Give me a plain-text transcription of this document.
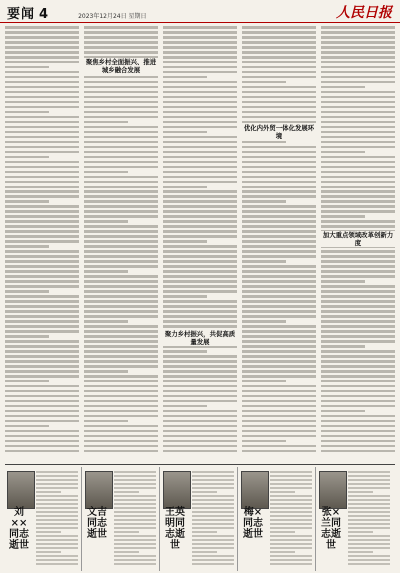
要闻 4	2023年12月24日 星期日	人民日报
聚焦乡村全面振兴、推进城乡融合发展
优化内外贸一体化发展环境
加大重点领域改革创新力度
聚力乡村振兴，共促高质量发展
刘××同志逝世
文吉同志逝世
王英明同志逝世
梅×同志逝世
张×兰同志逝世
